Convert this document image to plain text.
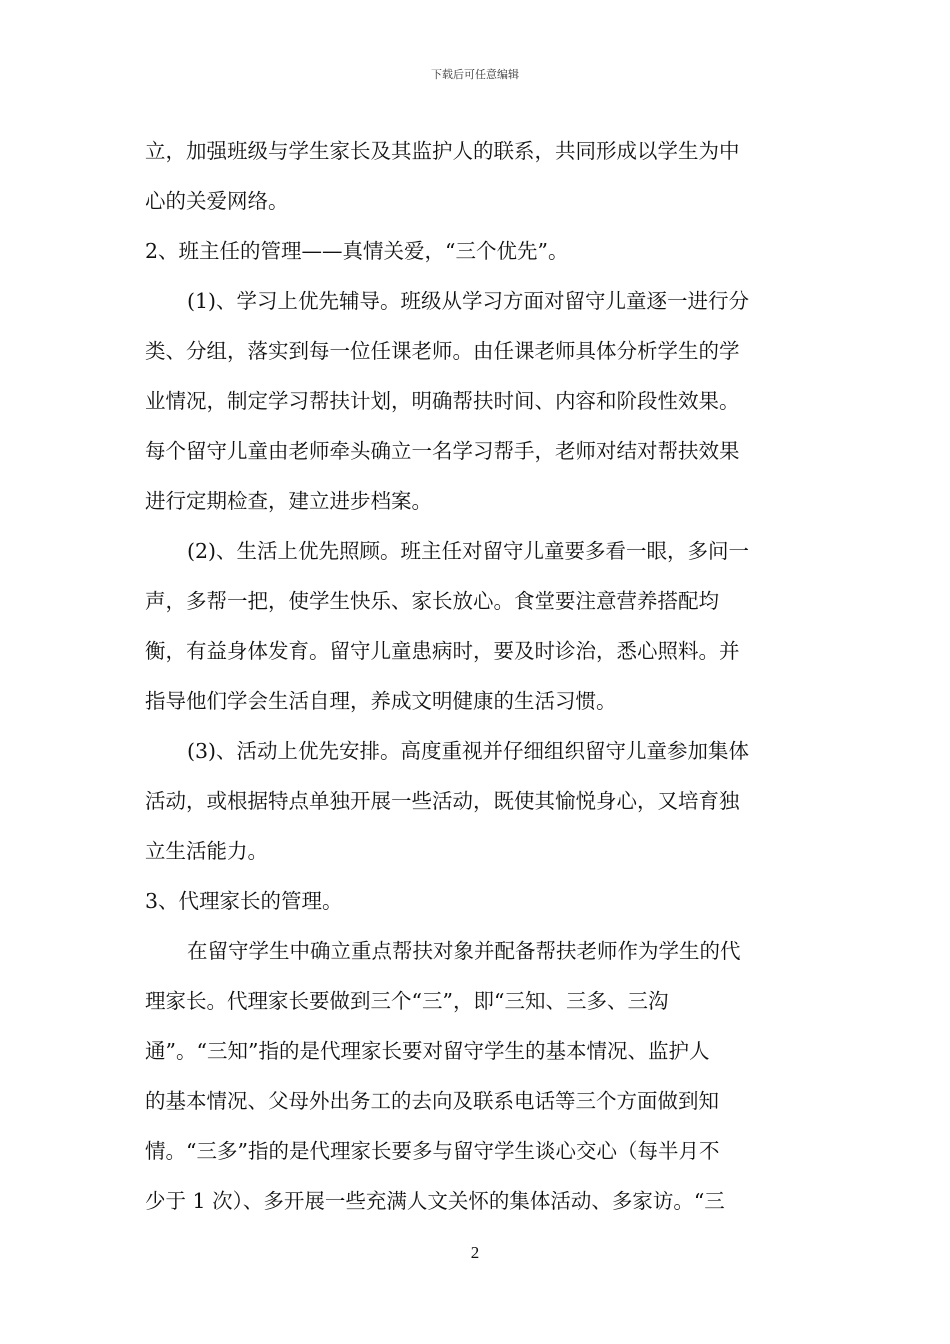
下载后可任意编辑
立，加强班级与学生家长及其监护人的联系，共同形成以学生为中
心的关爱网络。
2、班主任的管理——真情关爱，“三个优先”。
(1)、学习上优先辅导。班级从学习方面对留守儿童逐一进行分
类、分组，落实到每一位任课老师。由任课老师具体分析学生的学
业情况，制定学习帮扶计划，明确帮扶时间、内容和阶段性效果。
每个留守儿童由老师牵头确立一名学习帮手，老师对结对帮扶效果
进行定期检查，建立进步档案。
(2)、生活上优先照顾。班主任对留守儿童要多看一眼，多问一
声，多帮一把，使学生快乐、家长放心。食堂要注意营养搭配均
衡，有益身体发育。留守儿童患病时，要及时诊治，悉心照料。并
指导他们学会生活自理，养成文明健康的生活习惯。
(3)、活动上优先安排。高度重视并仔细组织留守儿童参加集体
活动，或根据特点单独开展一些活动，既使其愉悦身心，又培育独
立生活能力。
3、代理家长的管理。
在留守学生中确立重点帮扶对象并配备帮扶老师作为学生的代
理家长。代理家长要做到三个“三”，即“三知、三多、三沟
通”。“三知”指的是代理家长要对留守学生的基本情况、监护人
的基本情况、父母外出务工的去向及联系电话等三个方面做到知
情。“三多”指的是代理家长要多与留守学生谈心交心（每半月不
少于 1 次）、多开展一些充满人文关怀的集体活动、多家访。“三
2
